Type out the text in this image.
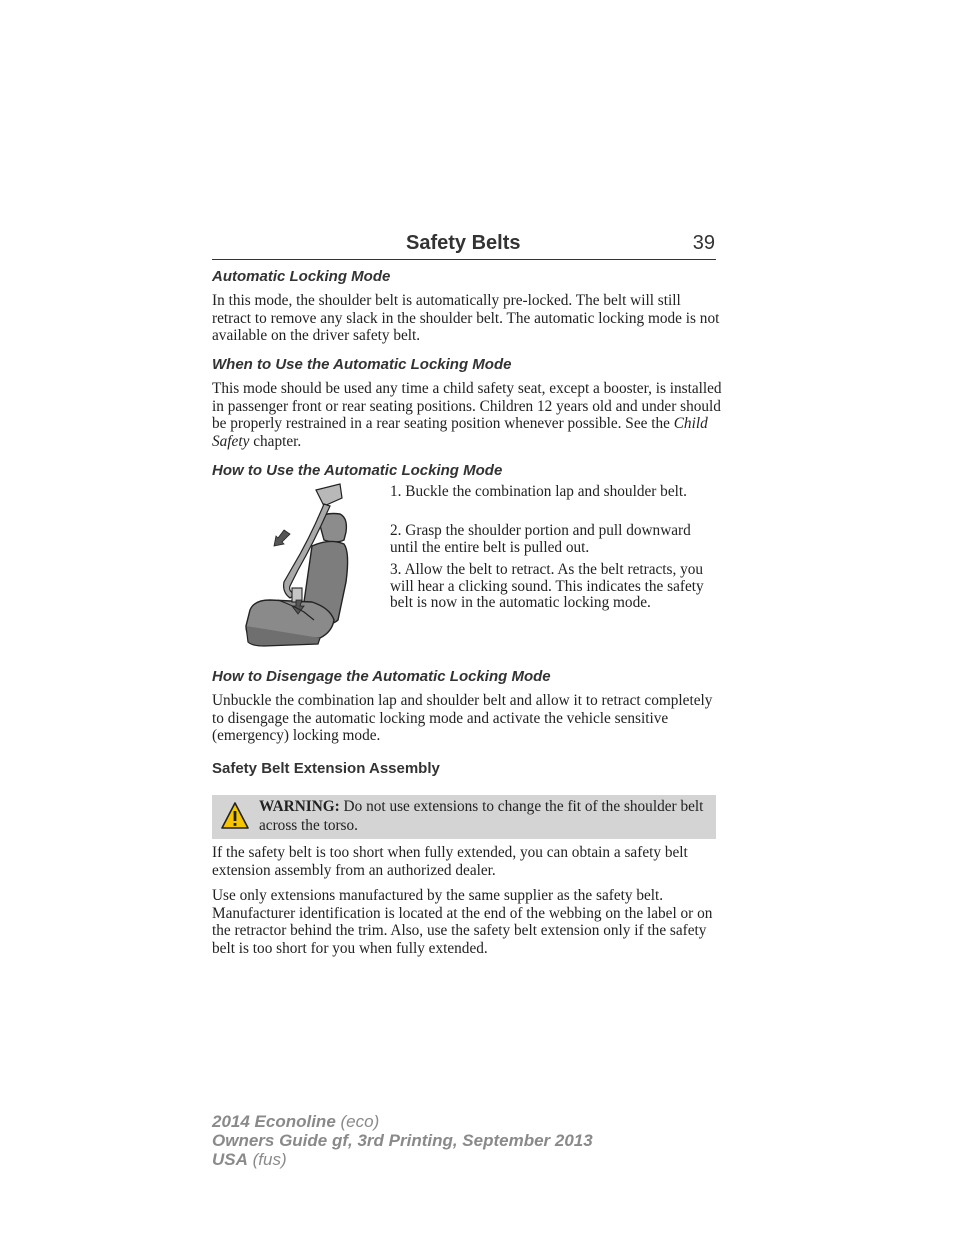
Safety Belts	39
Automatic Locking Mode

In this mode, the shoulder belt is automatically pre-locked. The belt will still retract to remove any slack in the shoulder belt. The automatic locking mode is not available on the driver safety belt.

When to Use the Automatic Locking Mode

This mode should be used any time a child safety seat, except a booster, is installed in passenger front or rear seating positions. Children 12 years old and under should be properly restrained in a rear seating position whenever possible. See the Child Safety chapter.

How to Use the Automatic Locking Mode

1. Buckle the combination lap and shoulder belt.

2. Grasp the shoulder portion and pull downward until the entire belt is pulled out.

3. Allow the belt to retract. As the belt retracts, you will hear a clicking sound. This indicates the safety belt is now in the automatic locking mode.

How to Disengage the Automatic Locking Mode

Unbuckle the combination lap and shoulder belt and allow it to retract completely to disengage the automatic locking mode and activate the vehicle sensitive (emergency) locking mode.

Safety Belt Extension Assembly
WARNING: Do not use extensions to change the fit of the shoulder belt across the torso.

If the safety belt is too short when fully extended, you can obtain a safety belt extension assembly from an authorized dealer.

Use only extensions manufactured by the same supplier as the safety belt. Manufacturer identification is located at the end of the webbing on the label or on the retractor behind the trim. Also, use the safety belt extension only if the safety belt is too short for you when fully extended.

2014 Econoline (eco)
Owners Guide gf, 3rd Printing, September 2013
USA (fus)
